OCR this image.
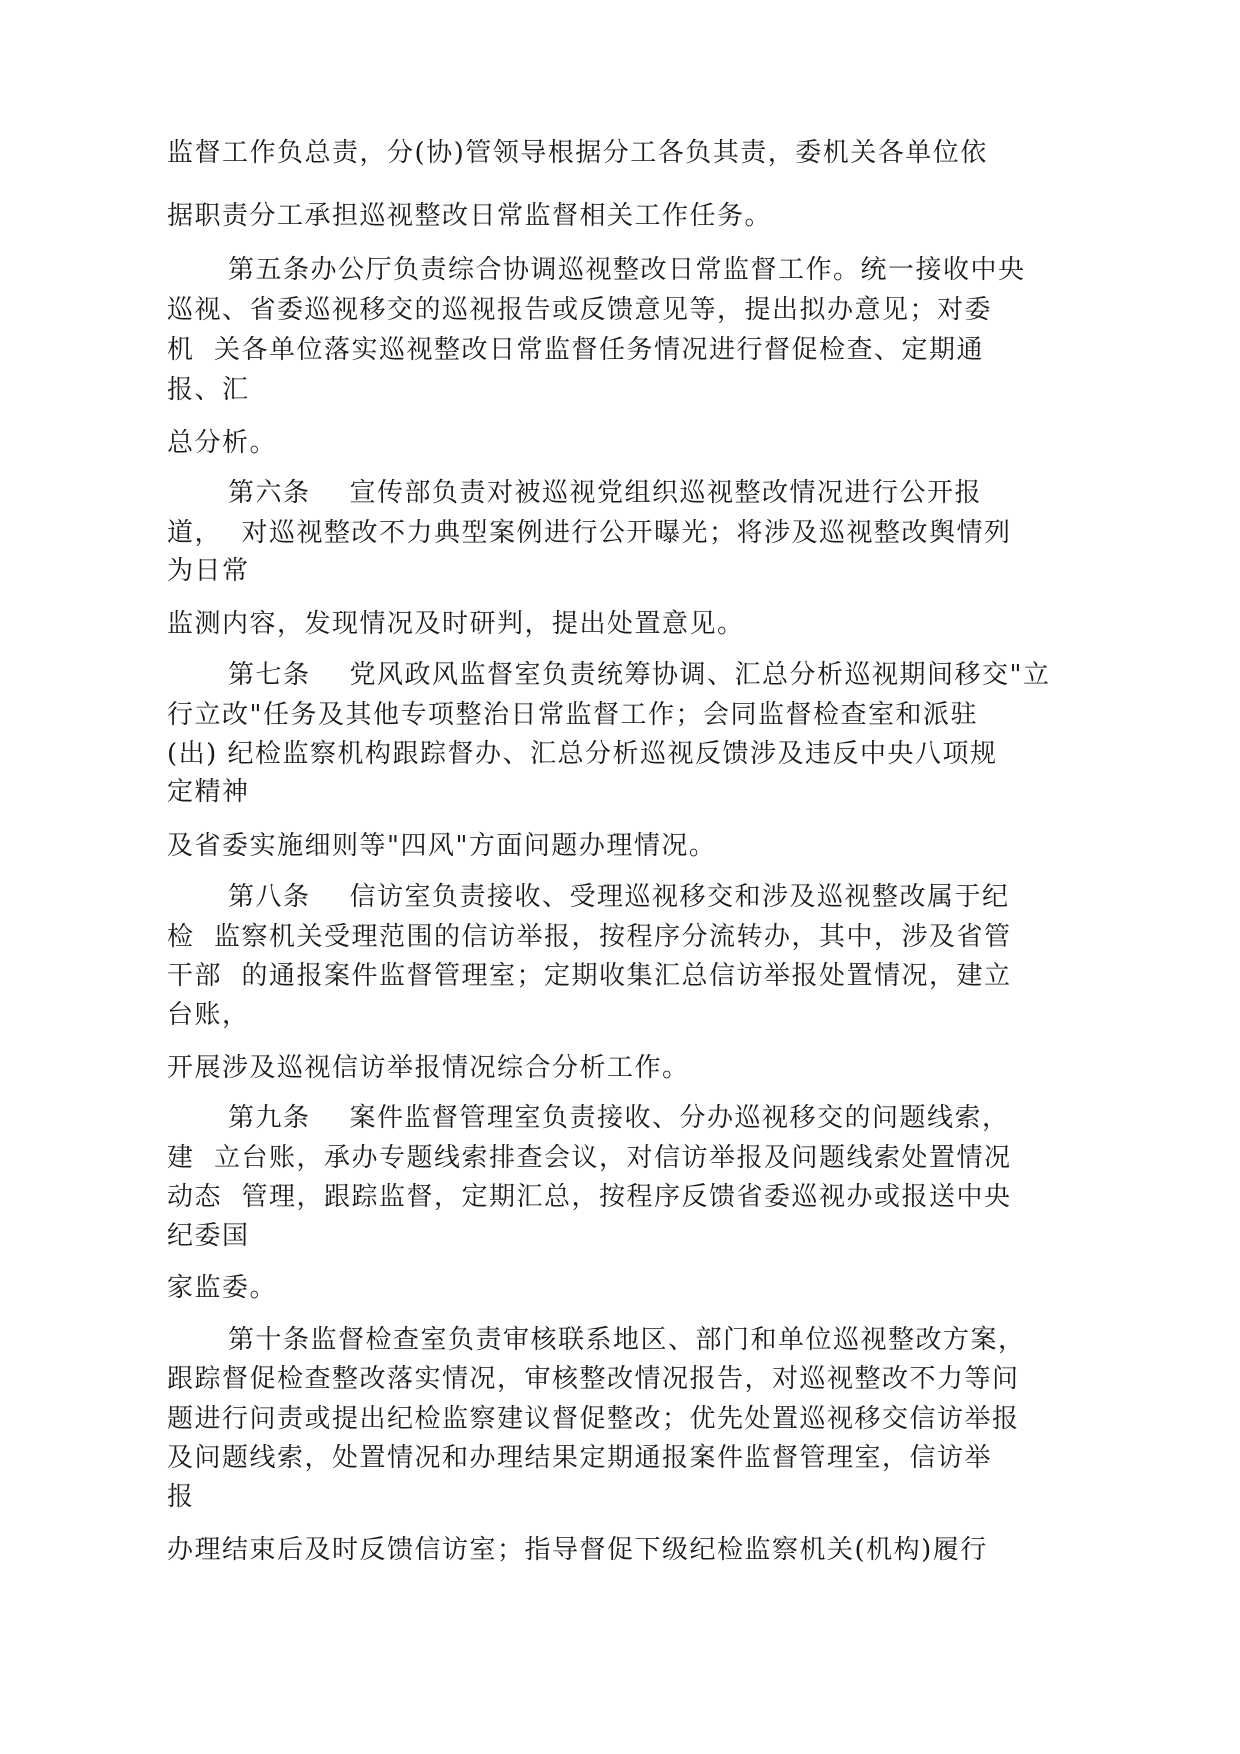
监督工作负总责，分(协)管领导根据分工各负其责，委机关各单位依

据职责分工承担巡视整改日常监督相关工作任务。

第五条办公厅负责综合协调巡视整改日常监督工作。统一接收中央

巡视、省委巡视移交的巡视报告或反馈意见等，提出拟办意见；对委

机  关各单位落实巡视整改日常监督任务情况进行督促检查、定期通

报、汇

总分析。

第六条    宣传部负责对被巡视党组织巡视整改情况进行公开报

道，  对巡视整改不力典型案例进行公开曝光；将涉及巡视整改舆情列

为日常

监测内容，发现情况及时研判，提出处置意见。

第七条    党风政风监督室负责统筹协调、汇总分析巡视期间移交"立

行立改"任务及其他专项整治日常监督工作；会同监督检查室和派驻

(出) 纪检监察机构跟踪督办、汇总分析巡视反馈涉及违反中央八项规

定精神

及省委实施细则等"四风"方面问题办理情况。

第八条    信访室负责接收、受理巡视移交和涉及巡视整改属于纪

检  监察机关受理范围的信访举报，按程序分流转办，其中，涉及省管

干部  的通报案件监督管理室；定期收集汇总信访举报处置情况，建立

台账，

开展涉及巡视信访举报情况综合分析工作。

第九条    案件监督管理室负责接收、分办巡视移交的问题线索，

建  立台账，承办专题线索排查会议，对信访举报及问题线索处置情况

动态  管理，跟踪监督，定期汇总，按程序反馈省委巡视办或报送中央

纪委国

家监委。

第十条监督检查室负责审核联系地区、部门和单位巡视整改方案，

跟踪督促检查整改落实情况，审核整改情况报告，对巡视整改不力等问

题进行问责或提出纪检监察建议督促整改；优先处置巡视移交信访举报

及问题线索，处置情况和办理结果定期通报案件监督管理室，信访举

报

办理结束后及时反馈信访室；指导督促下级纪检监察机关(机构)履行
